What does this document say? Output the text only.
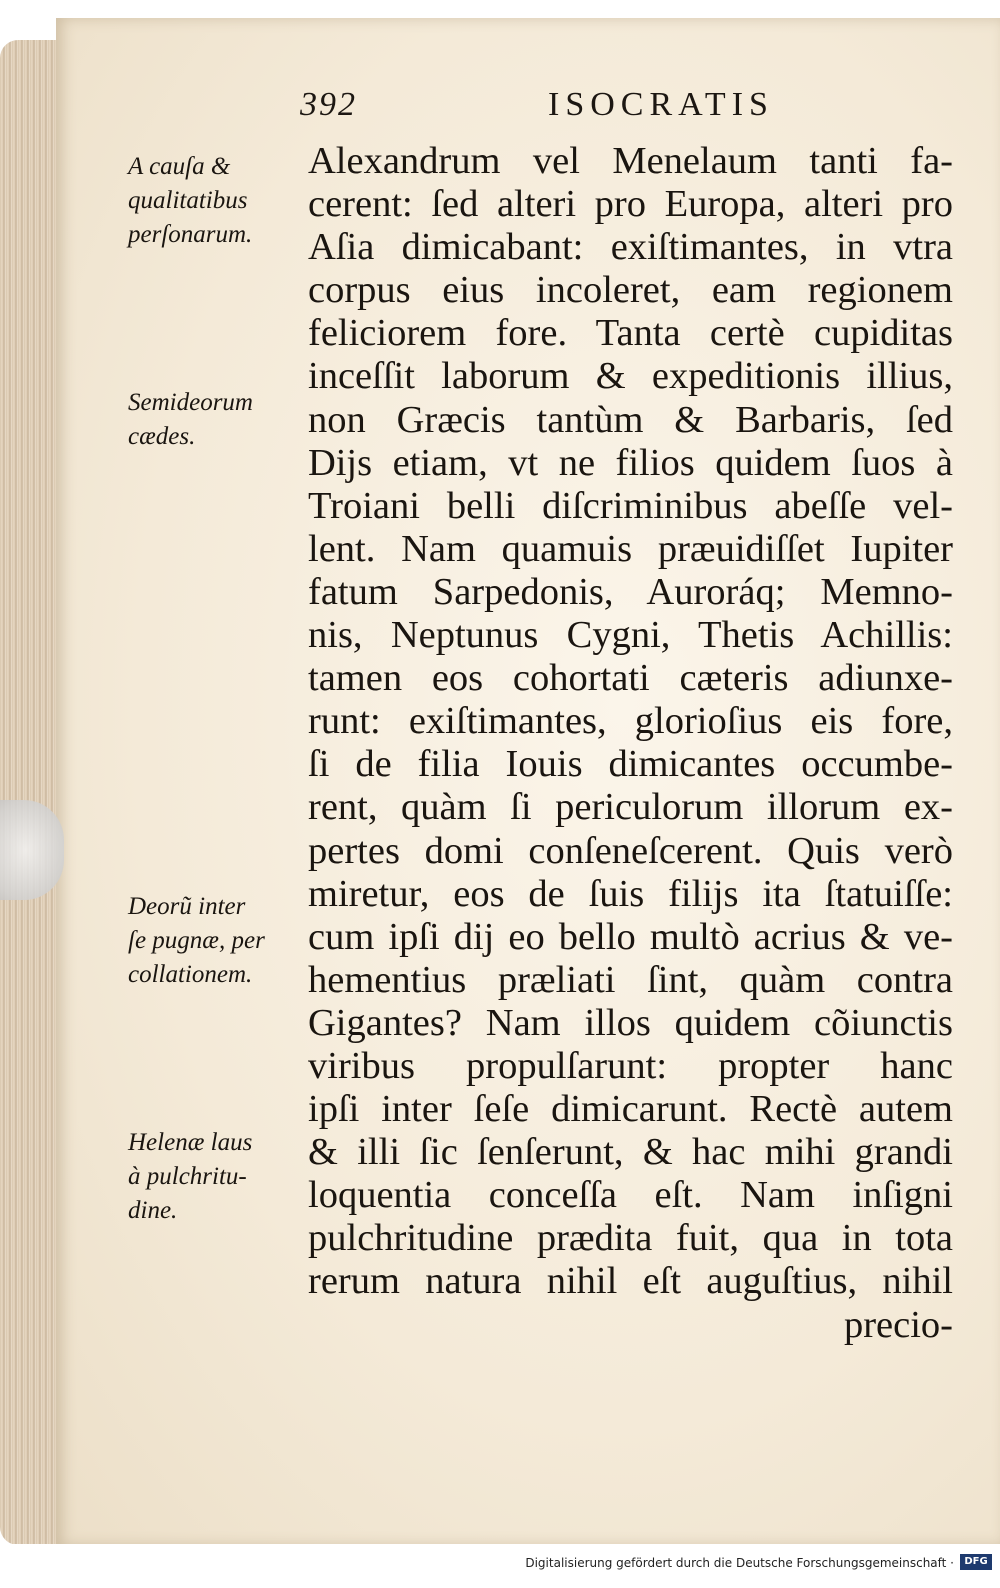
392	ISOCRATIS
A cauſa &
qualitatibus
perſonarum.
Semideorum
cædes.
Deorũ inter
ſe pugnæ, per
collationem.
Helenæ laus
à pulchritu-
dine.
Alexandrum vel Menelaum tanti fa-
cerent: ſed alteri pro Europa, alteri pro
Aſia dimicabant: exiſtimantes, in vtra
corpus eius incoleret, eam regionem
feliciorem fore. Tanta certè cupiditas
inceſſit laborum & expeditionis illius,
non Græcis tantùm & Barbaris, ſed
Dĳs etiam, vt ne filios quidem ſuos à
Troiani belli diſcriminibus abeſſe vel-
lent. Nam quamuis præuidiſſet Iupiter
fatum Sarpedonis, Auroráq; Memno-
nis, Neptunus Cygni, Thetis Achillis:
tamen eos cohortati cæteris adiunxe-
runt: exiſtimantes, glorioſius eis fore,
ſi de filia Iouis dimicantes occumbe-
rent, quàm ſi periculorum illorum ex-
pertes domi conſeneſcerent. Quis verò
miretur, eos de ſuis filĳs ita ſtatuiſſe:
cum ipſi dĳ eo bello multò acrius & ve-
hementius præliati ſint, quàm contra
Gigantes? Nam illos quidem cõiunctis
viribus propulſarunt: propter hanc
ipſi inter ſeſe dimicarunt. Rectè autem
& illi ſic ſenſerunt, & hac mihi grandi
loquentia conceſſa eſt. Nam inſigni
pulchritudine prædita fuit, qua in tota
rerum natura nihil eſt auguſtius, nihil
precio-
Digitalisierung gefördert durch die Deutsche Forschungsgemeinschaft ·	DFG
